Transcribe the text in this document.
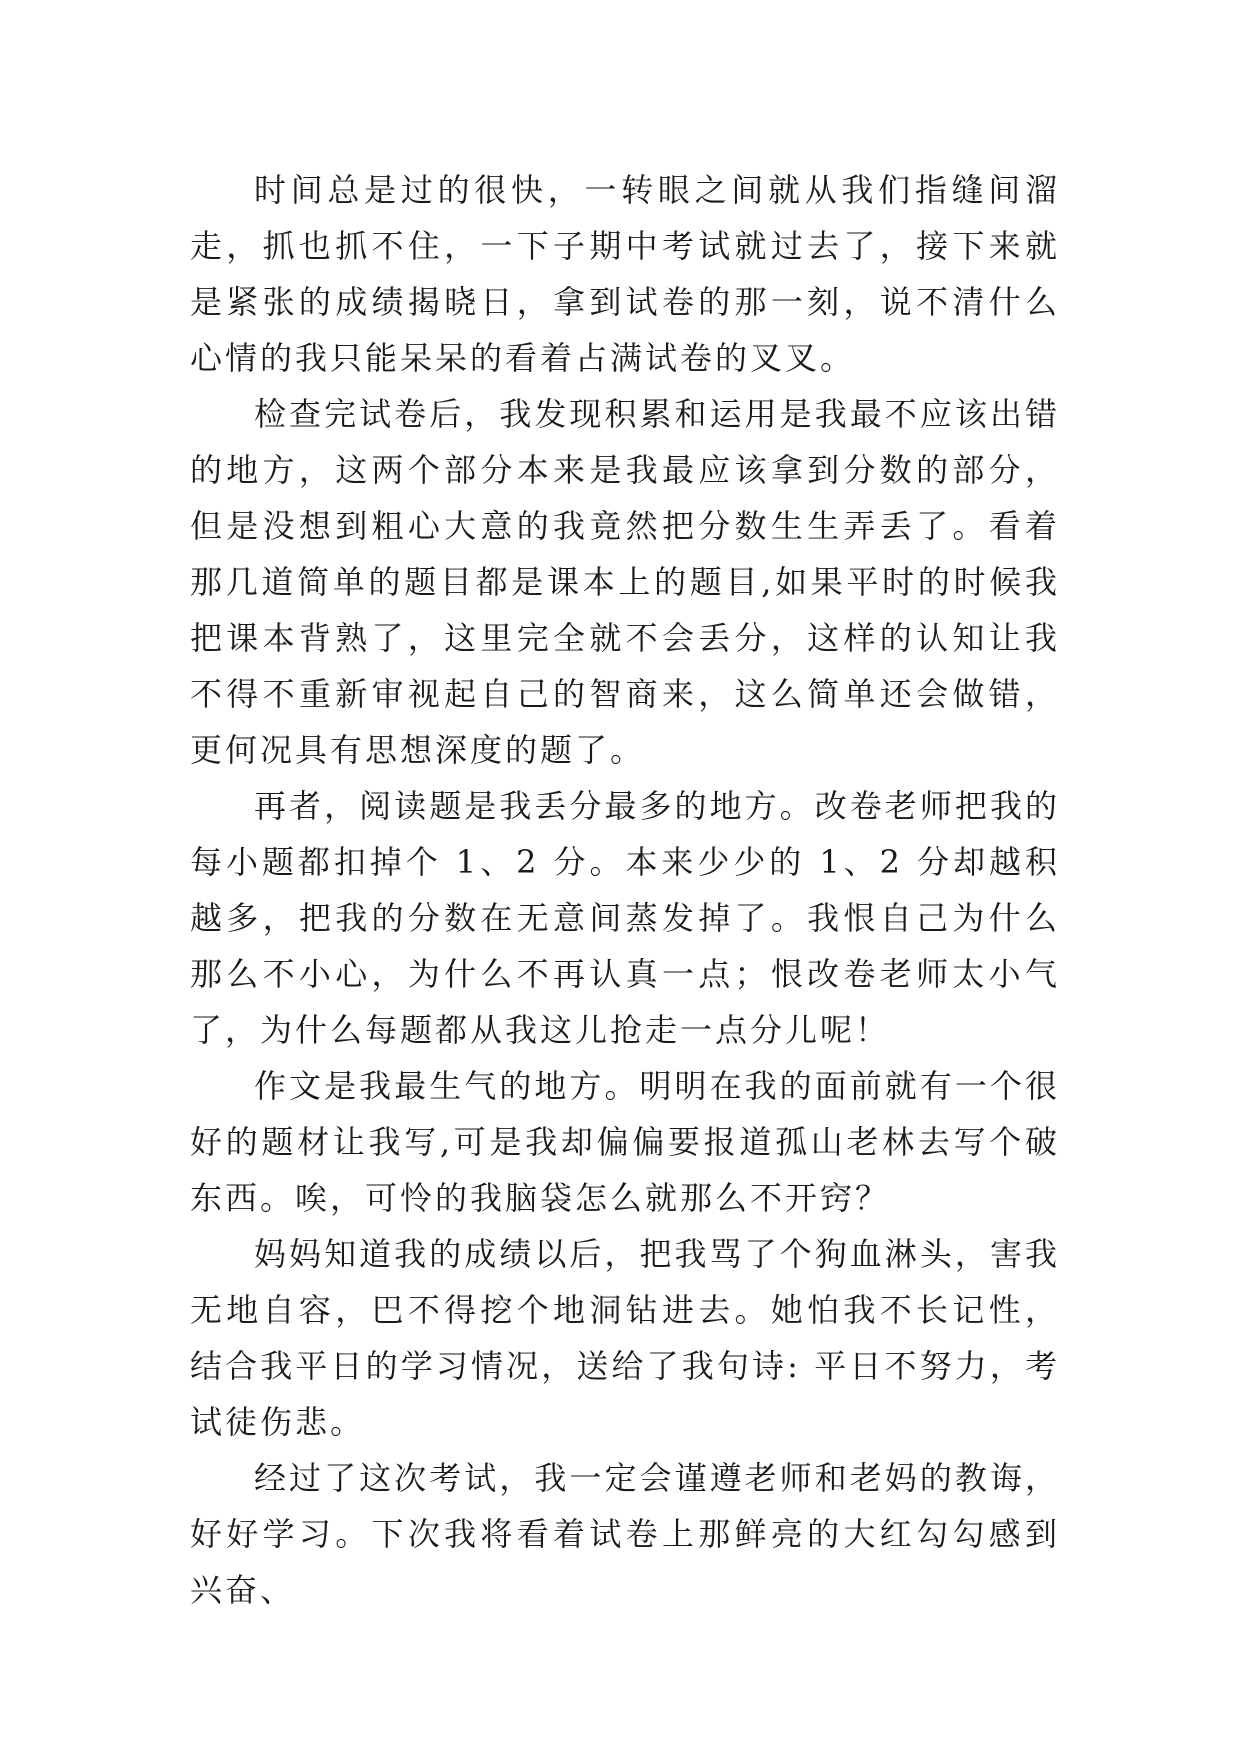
时间总是过的很快，一转眼之间就从我们指缝间溜走，抓也抓不住，一下子期中考试就过去了，接下来就是紧张的成绩揭晓日，拿到试卷的那一刻，说不清什么心情的我只能呆呆的看着占满试卷的叉叉。

检查完试卷后，我发现积累和运用是我最不应该出错的地方，这两个部分本来是我最应该拿到分数的部分，但是没想到粗心大意的我竟然把分数生生弄丢了。看着那几道简单的题目都是课本上的题目,如果平时的时候我把课本背熟了，这里完全就不会丢分，这样的认知让我不得不重新审视起自己的智商来，这么简单还会做错，更何况具有思想深度的题了。

再者，阅读题是我丢分最多的地方。改卷老师把我的每小题都扣掉个 1、2 分。本来少少的 1、2 分却越积越多，把我的分数在无意间蒸发掉了。我恨自己为什么那么不小心，为什么不再认真一点；恨改卷老师太小气了，为什么每题都从我这儿抢走一点分儿呢！

作文是我最生气的地方。明明在我的面前就有一个很好的题材让我写,可是我却偏偏要报道孤山老林去写个破东西。唉，可怜的我脑袋怎么就那么不开窍？

妈妈知道我的成绩以后，把我骂了个狗血淋头，害我无地自容，巴不得挖个地洞钻进去。她怕我不长记性，结合我平日的学习情况，送给了我句诗: 平日不努力，考试徒伤悲。

经过了这次考试，我一定会谨遵老师和老妈的教诲，好好学习。下次我将看着试卷上那鲜亮的大红勾勾感到兴奋、
